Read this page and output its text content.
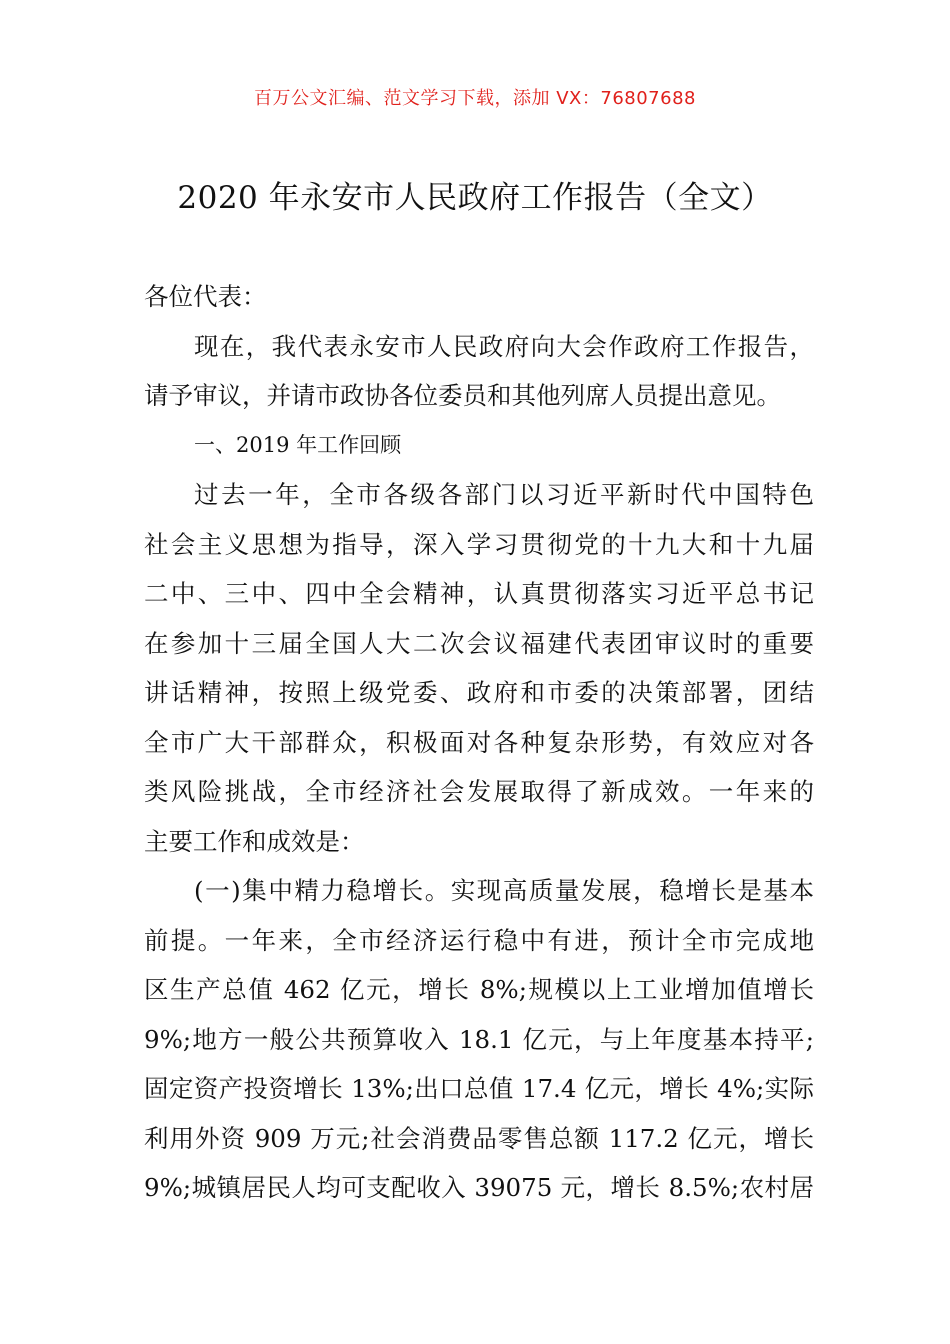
百万公文汇编、范文学习下载，添加 VX：76807688
2020 年永安市人民政府工作报告（全文）
各位代表：
现在，我代表永安市人民政府向大会作政府工作报告，
请予审议，并请市政协各位委员和其他列席人员提出意见。
一、2019 年工作回顾
过去一年，全市各级各部门以习近平新时代中国特色
社会主义思想为指导，深入学习贯彻党的十九大和十九届
二中、三中、四中全会精神，认真贯彻落实习近平总书记
在参加十三届全国人大二次会议福建代表团审议时的重要
讲话精神，按照上级党委、政府和市委的决策部署，团结
全市广大干部群众，积极面对各种复杂形势，有效应对各
类风险挑战，全市经济社会发展取得了新成效。一年来的
主要工作和成效是：
(一)集中精力稳增长。实现高质量发展，稳增长是基本
前提。一年来，全市经济运行稳中有进，预计全市完成地
区生产总值 462 亿元，增长 8%;规模以上工业增加值增长
9%;地方一般公共预算收入 18.1 亿元，与上年度基本持平;
固定资产投资增长 13%;出口总值 17.4 亿元，增长 4%;实际
利用外资 909 万元;社会消费品零售总额 117.2 亿元，增长
9%;城镇居民人均可支配收入 39075 元，增长 8.5%;农村居
